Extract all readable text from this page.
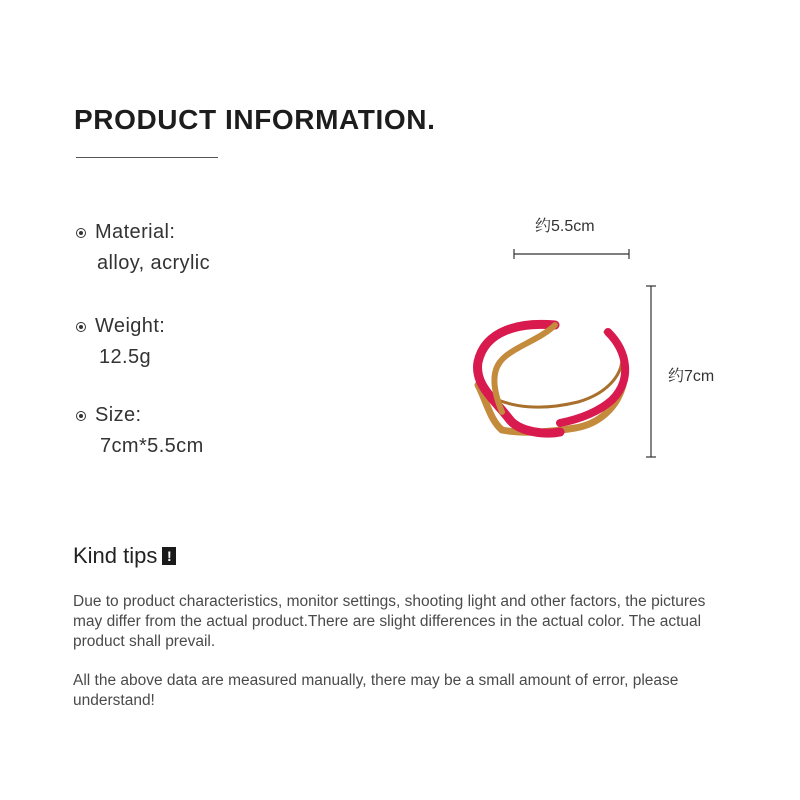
PRODUCT INFORMATION.
Material:
alloy, acrylic
Weight:
12.5g
Size:
7cm*5.5cm
约5.5cm
约7cm
Kind tips !
Due to product characteristics, monitor settings, shooting light and other factors, the pictures may differ from the actual product.There are slight differences in the actual color. The actual product shall prevail.
All the above data are measured manually, there may be a small amount of error, please understand!
